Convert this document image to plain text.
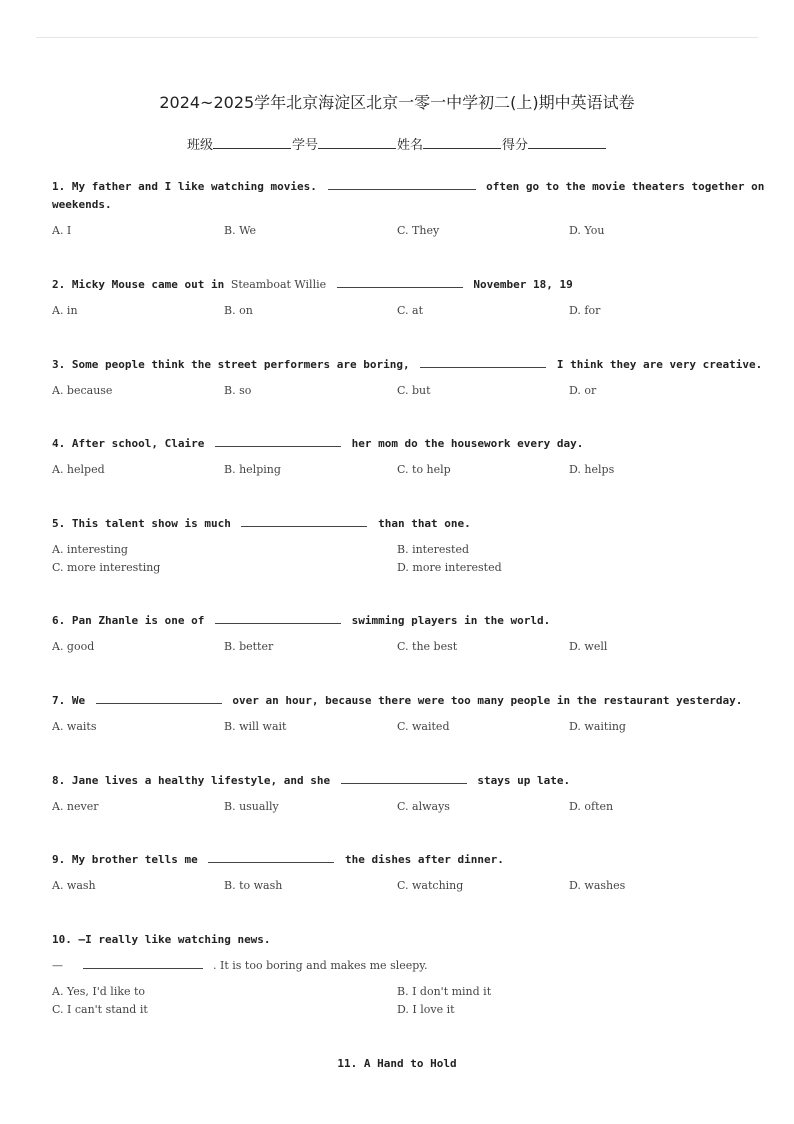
2024~2025学年北京海淀区北京一零一中学初二(上)期中英语试卷
班级	学号	姓名	得分
1. My father and I like watching movies.	often go to the movie theaters together on
weekends.
A. I	B. We	C. They	D. You
2. Micky Mouse came out in Steamboat Willie	November 18, 19
A. in	B. on	C. at	D. for
3. Some people think the street performers are boring,	I think they are very creative.
A. because	B. so	C. but	D. or
4. After school, Claire	her mom do the housework every day.
A. helped	B. helping	C. to help	D. helps
5. This talent show is much	than that one.
A. interesting	B. interested
C. more interesting	D. more interested
6. Pan Zhanle is one of	swimming players in the world.
A. good	B. better	C. the best	D. well
7. We	over an hour, because there were too many people in the restaurant yesterday.
A. waits	B. will wait	C. waited	D. waiting
8. Jane lives a healthy lifestyle, and she	stays up late.
A. never	B. usually	C. always	D. often
9. My brother tells me	the dishes after dinner.
A. wash	B. to wash	C. watching	D. washes
10. —I really like watching news.
—	. It is too boring and makes me sleepy.
A. Yes, I'd like to	B. I don't mind it
C. I can't stand it	D. I love it
11. A Hand to Hold
